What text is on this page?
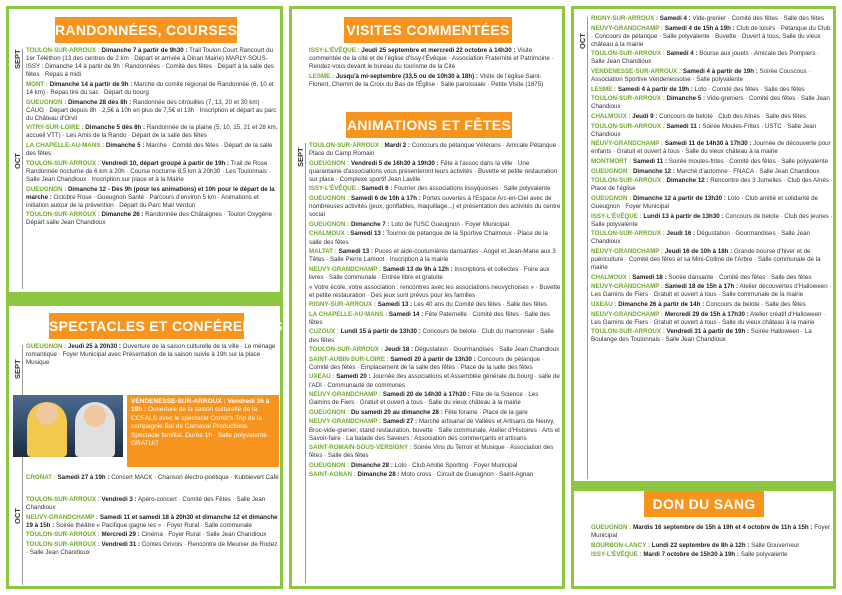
RANDONNÉES, COURSES
SEPT
OCT
TOULON-SUR-ARROUX : Dimanche 7 à partir de 9h30 : Trail Toulon Court Rancourt du 1er Téléthon (13 des centres de 2 km · Départ et arrivée à Dinan Mairie) MARLY-SOUS-ISSY : Dimanche 14 à partir de 9h : Randonnées · Comité des fêtes · Départ à la salle des fêtes · Repas à midi
MONT : Dimanche 14 à partir de 9h : Marche du comité régional de Randonnée (6, 10 et 14 km) · Repas tiré du sac · Départ du bourg
GUEUGNON : Dimanche 28 dès 8h : Randonnée des citrouilles (7, 13, 20 et 30 km) · CAUG · Départ depuis 8h · 2,5€ à 10h en plus de 7,5€ et 13h · Inscription et départ au parc du Château d'Orvil
VITRY-SUR-LOIRE : Dimanche 5 dès 8h : Randonnée de la plaine (5, 10, 15, 21 et 28 km, accueil VTT) · Les Amis de la Rando · Départ de la salle des fêtes
LA CHAPELLE-AU-MANS : Dimanche 5 : Marche · Comité des fêtes · Départ de la salle des fêtes
TOULON-SUR-ARROUX : Vendredi 10, départ groupé à partir de 19h : Trail de Rose · Randonnée nocturne de 6 km à 20h · Course nocturne 8,5 km à 20h30 · Les Toulonnais · Salle Jean Chandioux · Inscription sur place et à la Mairie
GUEUGNON : Dimanche 12 - Dès 9h (pour les animations) et 10h pour le départ de la marche : Octobre Rose · Gueugnon Santé · Parcours d'environ 5 km · Animations et initiation autour de la prévention · Départ du Parc Mail Verdun
TOULON-SUR-ARROUX : Dimanche 26 : Randonnée des Châtaignes · Toulon Oxygène · Départ salle Jean Chandioux
SPECTACLES ET CONFÉRENCES
SEPT
OCT
GUEUGNON : Jeudi 25 à 20h30 : Ouverture de la saison culturelle de la ville · Le ménage romantique · Foyer Municipal avec Présentation de la saison suivie à 19h sur la place · Musique
VENDENESSE-SUR-ARROUX : Vendredi 26 à 19h : Ouverture de la saison culturelle de la CCEALS avec le spectacle Comic's Trip de la compagnie Bal de Carnaval Productions · Spectacle familial. Durée 1h · Salle polyvalente · GRATUIT
CRONAT : Samedi 27 à 19h : Concert MACK · Chanson électro-poétique · Kubbievert Café
TOULON-SUR-ARROUX : Vendredi 3 : Apéro-concert · Comité des Fêtes · Salle Jean Chandioux
NEUVY-GRANDCHAMP : Samedi 11 et samedi 18 à 20h30 et dimanche 12 et dimanche 19 à 15h : Soirée théâtre « Pacifique·gagne les » · Foyer Rural · Salle communale
TOULON-SUR-ARROUX : Mercredi 29 : Cinéma · Foyer Rural · Salle Jean Chandioux
TOULON-SUR-ARROUX : Vendredi 31 : Contes Grivois · Rencontre de Meunier de Rodez · Salle Jean Chandioux
VISITES COMMENTÉES
ISSY-L'ÉVÊQUE : Jeudi 25 septembre et mercredi 22 octobre à 14h30 : Visite commentée de la cité et de l'église d'Issy-l'Évêque · Association Fraternité et Patrimoine · Rendez-vous devant le bureau du tourisme de la Cité
LESME : Jusqu'à mi-septembre (33,5 ou de 10h30 à 18h) : Visite de l'église Saint-Florent, Chemin de la Croix du Bas de l'Église · Salle paroissiale · Petite Visite (1675)
ANIMATIONS ET FÊTES
SEPT
TOULON-SUR-ARROUX : Mardi 2 : Concours de pétanque Vétérans · Amicale Pétanque · Place du Camp Romain
GUEUGNON : Vendredi 5 de 16h30 à 19h30 : Fête à l'assoc dans la ville · Une quarantaine d'associations vous présenteront leurs activités · Buvette et petite restauration sur place · Complexe sportif Jean Laville
ISSY-L'ÉVÊQUE : Samedi 6 : Fourrier des associations lissyquoises · Salle polyvalente
GUEUGNON : Samedi 6 de 10h à 17h : Portes ouvertes à l'Espace Arc-en-Ciel avec de nombreuses activités (jeux, gonflables, maquillage...) et présentation des activités du centre social
GUEUGNON : Dimanche 7 : Loto de l'USC Gueugnon · Foyer Municipal
CHALMOUX : Samedi 13 : Tournoi de pétanque de la Sportive Chalmoux · Place de la salle des fêtes
MALTAT : Samedi 13 : Puces et aide-coutumières dansantes · Angel et Jean-Marie aux 3 Têtes · Salle Pierre Lamoot · Inscription à la mairie
NEUVY-GRANDCHAMP : Samedi 13 de 9h à 12h : Inscriptions et collectes · Foire aux livres · Salle communale · Entrée libre et gratuite
« Votre école, votre association : rencontres avec les associations neuvychoises » · Buvette et petite restauration · Des jeux sont prévus pour les familles
RIGNY-SUR-ARROUX : Samedi 13 : Les 40 ans du Comité des fêtes · Salle des fêtes
LA CHAPELLE-AU-MANS : Samedi 14 : Fête Paternelle · Comité des fêtes · Salle des fêtes
CUZOUX : Lundi 15 à partir de 13h30 : Concours de belote · Club du marronnier · Salle des fêtes
TOULON-SUR-ARROUX : Jeudi 18 : Dégustation · Gourmandises · Salle Jean Chandioux
SAINT-AUBIN-SUR-LOIRE : Samedi 20 à partir de 13h30 : Concours de pétanque · Comité des fêtes · Emplacement de la salle des fêtes · Place de la salle des fêtes
UXEAU : Samedi 20 : Journée des associations et Assemblée générale du bourg · salle de l'ADI · Communauté de communes
NEUVY-GRANDCHAMP : Samedi 20 de 14h30 à 17h30 : Fête de la Science · Les Gamins de Fiers · Gratuit et ouvert à tous · Salle du vieux château à la mairie
GUEUGNON : Du samedi 20 au dimanche 28 : Fête foraine · Place de la gare
NEUVY-GRANDCHAMP : Samedi 27 : Marché artisanal de Vallées et Artisans de Neuvy, Broc-vide-grenier, stand restauration, buvette · Salle communale, Atelier d'Histoires · Arts et Savoir-faire · La balade des Saveurs : Association des commerçants et artisans
SAINT-ROMAIN-SOUS-VERSIGNY : Soirée Vins du Terroir et Musique · Association des fêtes · Salle des fêtes
GUEUGNON : Dimanche 28 : Loto · Club Amitié Sporting · Foyer Municipal
SAINT-AGNAN : Dimanche 28 : Moto cross · Circuit de Gueugnon · Saint-Agnan
OCT
RIGNY-SUR-ARROUX : Samedi 4 : Vide-grenier · Comité des fêtes · Salle des fêtes
NEUVY-GRANDCHAMP : Samedi 4 de 15h à 19h : Club de loisirs · Pétanque du Club · Concours de pétanque · Salle polyvalente · Buvette · Ouvert à tous, Salle du vieux château à la mairie
TOULON-SUR-ARROUX : Samedi 4 : Bourse aux jouets · Amicale des Pompiers · Salle Jean Chandioux
VENDENESSE-SUR-ARROUX : Samedi 4 à partir de 19h : Soirée Couscous · Association Sportive Vendenessoise · Salle polyvalente
LESME : Samedi 4 à partir de 19h : Loto · Comité des fêtes · Salle des fêtes
TOULON-SUR-ARROUX : Dimanche 5 : Vide-greniers · Comité des fêtes · Salle Jean Chandioux
CHALMOUX : Jeudi 9 : Concours de belote · Club des Aînés · Salle des fêtes
TOULON-SUR-ARROUX : Samedi 11 : Soirée Moules-Frites · USTC · Salle Jean Chandioux
NEUVY-GRANDCHAMP : Samedi 11 de 14h30 à 17h30 : Journée de découverte pour enfants · Gratuit et ouvert à tous · Salle du vieux château à la mairie
MONTMORT : Samedi 11 : Soirée moules-frites · Comité des fêtes · Salle polyvalente
GUEUGNON : Dimanche 12 : Marché d'automne · FNACA · Salle Jean Chandioux
TOULON-SUR-ARROUX : Dimanche 12 : Rencontre des 3 Jumelles · Club des Aînés · Place de l'église
GUEUGNON : Dimanche 12 à partir de 13h30 : Loto · Club amitié et solidarité de Gueugnon · Foyer Municipal
ISSY-L'ÉVÊQUE : Lundi 13 à partir de 13h30 : Concours de belote · Club des jeunes · Salle polyvalente
TOULON-SUR-ARROUX : Jeudi 16 : Dégustation · Gourmandises · Salle Jean Chandioux
NEUVY-GRANDCHAMP : Jeudi 16 de 10h à 18h : Grande bourse d'hiver et de puériculture · Comité des fêtes et sa Mini-Colline de l'Arbre · Salle communale de la mairie
CHALMOUX : Samedi 18 : Soirée dansante · Comité des fêtes · Salle des fêtes
NEUVY-GRANDCHAMP : Samedi 18 de 15h à 17h : Atelier découvertes d'Halloween · Les Gamins de Fiers · Gratuit et ouvert à tous · Salle communale de la mairie
UXEAU : Dimanche 26 à partir de 14h : Concours de belote · Salle des fêtes
NEUVY-GRANDCHAMP : Mercredi 29 de 15h à 17h30 : Atelier créatif d'Halloween · Les Gamins de Fiers · Gratuit et ouvert à tous · Salle du vieux château à la mairie
TOULON-SUR-ARROUX : Vendredi 31 à partir de 19h : Soirée Halloween · La Boulange des Toulonnais · Salle Jean Chandioux
DON DU SANG
GUEUGNON : Mardis 16 septembre de 15h à 19h et 4 octobre de 11h à 15h : Foyer Municipal
BOURBON-LANCY : Lundi 22 septembre de 8h à 12h : Salle Gouverneur
ISSY-L'ÉVÊQUE : Mardi 7 octobre de 15h30 à 19h : Salle polyvalente
